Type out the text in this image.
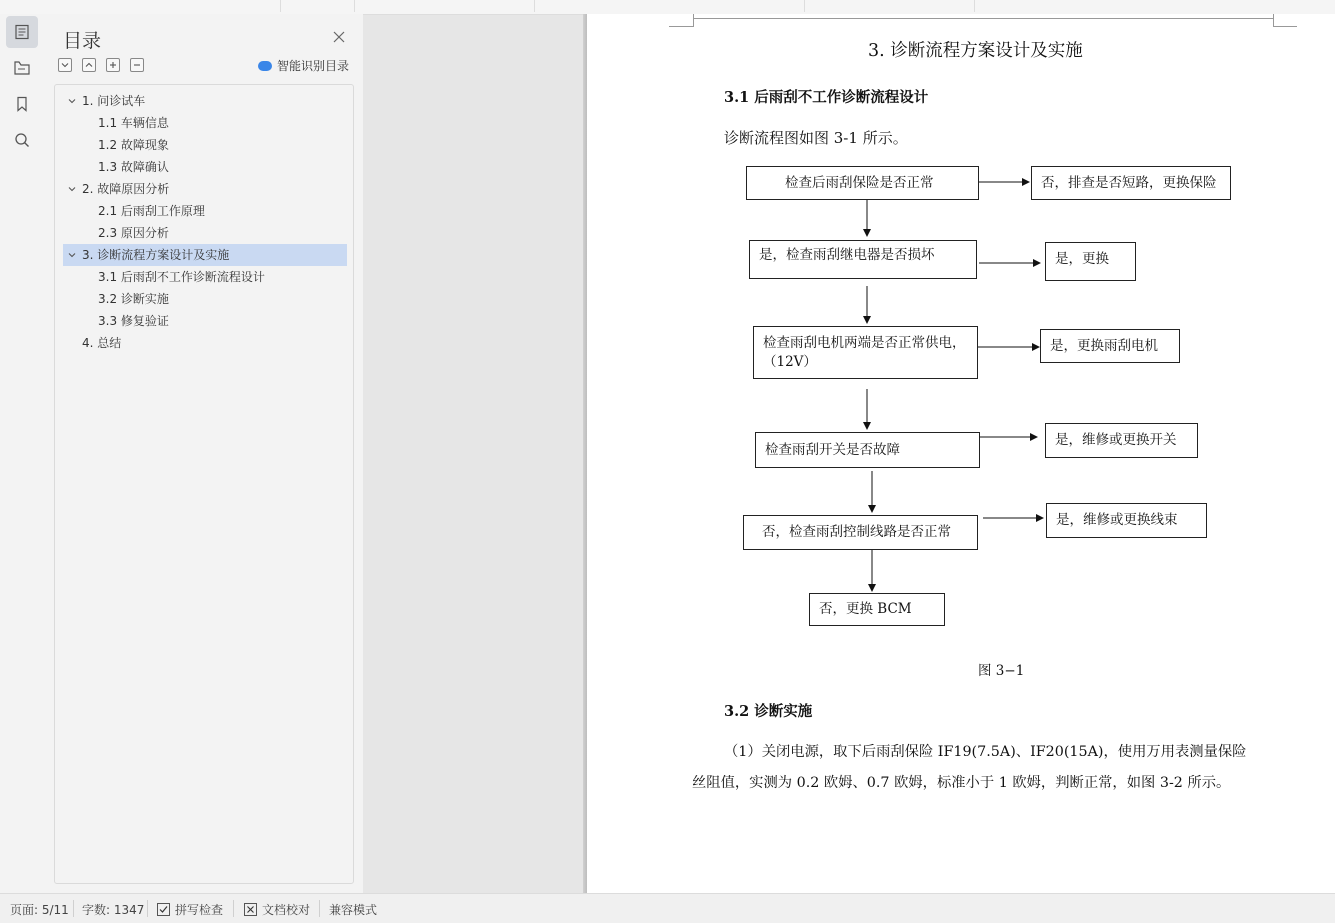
目录
智能识别目录
1. 问诊试车
1.1 车辆信息
1.2 故障现象
1.3 故障确认
2. 故障原因分析
2.1 后雨刮工作原理
2.3 原因分析
3. 诊断流程方案设计及实施
3.1 后雨刮不工作诊断流程设计
3.2 诊断实施
3.3 修复验证
4. 总结
3. 诊断流程方案设计及实施
3.1 后雨刮不工作诊断流程设计
诊断流程图如图 3-1 所示。
检查后雨刮保险是否正常
是，检查雨刮继电器是否损坏
检查雨刮电机两端是否正常供电，
（12V）
检查雨刮开关是否故障
否，检查雨刮控制线路是否正常
否，更换 BCM
否，排查是否短路，更换保险
是，更换
是，更换雨刮电机
是，维修或更换开关
是，维修或更换线束
图 3−1
3.2 诊断实施
（1）关闭电源，取下后雨刮保险 IF19(7.5A)、IF20(15A)，使用万用表测量保险
丝阻值，实测为 0.2 欧姆、0.7 欧姆，标准小于 1 欧姆，判断正常，如图 3-2 所示。
页面: 5/11 字数: 1347	拼写检查	文档校对 兼容模式
